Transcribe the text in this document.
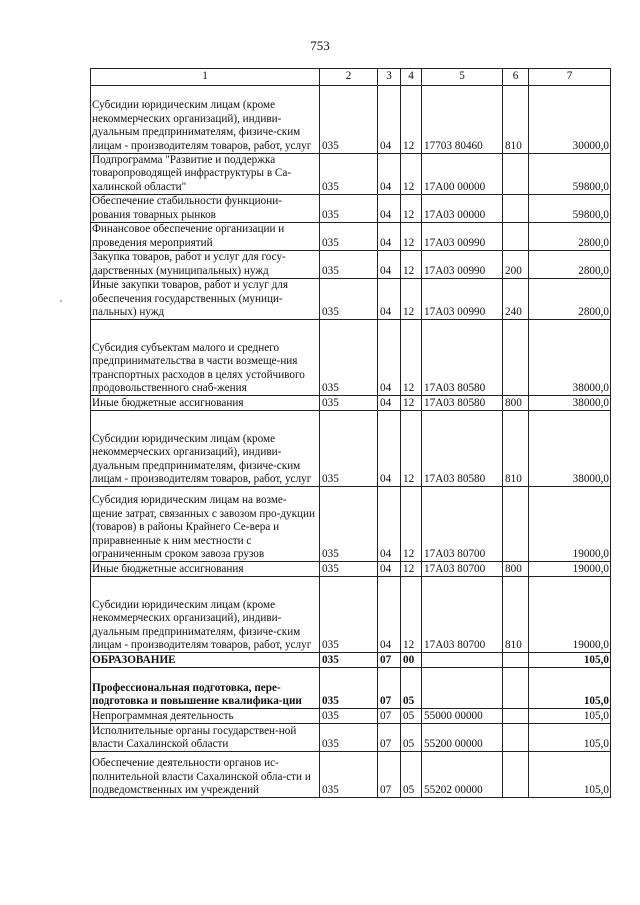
753
1	2	3	4	5	6	7
Субсидии юридическим лицам (кроме некоммерческих организаций), индиви-дуальным предпринимателям, физиче-ским лицам - производителям товаров, работ, услуг	035	04	12	17703 80460	810	30000,0
Подпрограмма "Развитие и поддержка товаропроводящей инфраструктуры в Са-халинской области"	035	04	12	17А00 00000		59800,0
Обеспечение стабильности функциони-рования товарных рынков	035	04	12	17А03 00000		59800,0
Финансовое обеспечение организации и проведения мероприятий	035	04	12	17А03 00990		2800,0
Закупка товаров, работ и услуг для госу-дарственных (муниципальных) нужд	035	04	12	17А03 00990	200	2800,0
Иные закупки товаров, работ и услуг для обеспечения государственных (муници-пальных) нужд	035	04	12	17А03 00990	240	2800,0
Субсидия субъектам малого и среднего предпринимательства в части возмеще-ния транспортных расходов в целях устойчивого продовольственного снаб-жения	035	04	12	17А03 80580		38000,0
Иные бюджетные ассигнования	035	04	12	17А03 80580	800	38000,0
Субсидии юридическим лицам (кроме некоммерческих организаций), индиви-дуальным предпринимателям, физиче-ским лицам - производителям товаров, работ, услуг	035	04	12	17А03 80580	810	38000,0
Субсидия юридическим лицам на возме-щение затрат, связанных с завозом про-дукции (товаров) в районы Крайнего Се-вера и приравненные к ним местности с ограниченным сроком завоза грузов	035	04	12	17А03 80700		19000,0
Иные бюджетные ассигнования	035	04	12	17А03 80700	800	19000,0
Субсидии юридическим лицам (кроме некоммерческих организаций), индиви-дуальным предпринимателям, физиче-ским лицам - производителям товаров, работ, услуг	035	04	12	17А03 80700	810	19000,0
ОБРАЗОВАНИЕ	035	07	00			105,0
Профессиональная подготовка, пере-подготовка и повышение квалифика-ции	035	07	05			105,0
Непрограммная деятельность	035	07	05	55000 00000		105,0
Исполнительные органы государствен-ной власти Сахалинской области	035	07	05	55200 00000		105,0
Обеспечение деятельности органов ис-полнительной власти Сахалинской обла-сти и подведомственных им учреждений	035	07	05	55202 00000		105,0
